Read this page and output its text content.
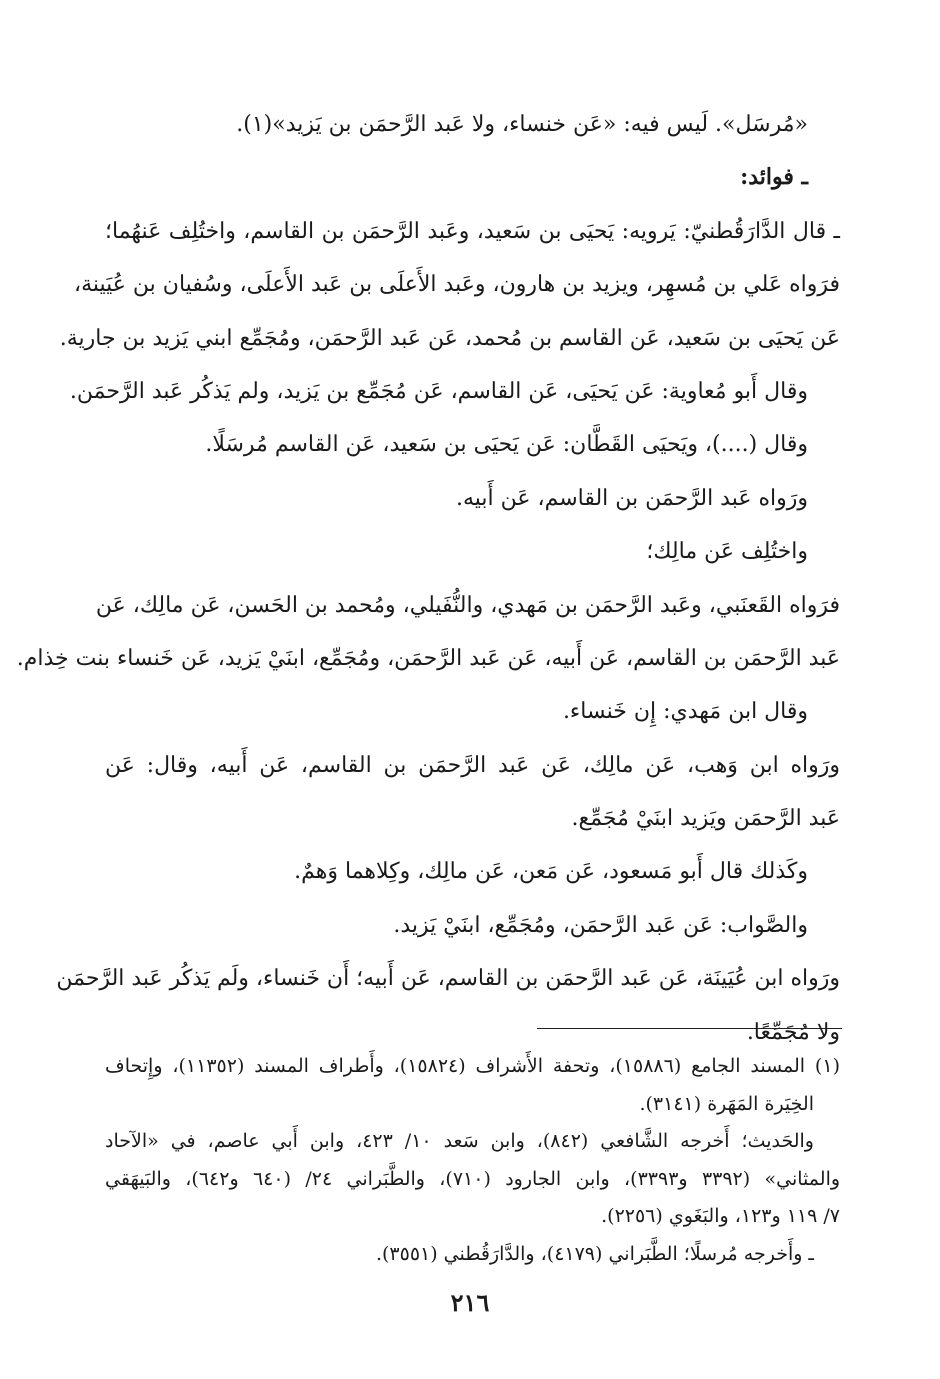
«مُرسَل». لَيس فيه: «عَن خنساء، ولا عَبد الرَّحمَن بن يَزيد»(١).
ـ فوائد:
ـ قال الدَّارَقُطنيّ: يَرويه: يَحيَى بن سَعيد، وعَبد الرَّحمَن بن القاسم، واختُلِف عَنهُما؛
فرَواه عَلي بن مُسهِر، ويزيد بن هارون، وعَبد الأَعلَى بن عَبد الأَعلَى، وسُفيان بن عُيَينة،
عَن يَحيَى بن سَعيد، عَن القاسم بن مُحمد، عَن عَبد الرَّحمَن، ومُجَمِّع ابني يَزيد بن جارية.
وقال أَبو مُعاوية: عَن يَحيَى، عَن القاسم، عَن مُجَمِّع بن يَزيد، ولم يَذكُر عَبد الرَّحمَن.
وقال (....)، ويَحيَى القَطَّان: عَن يَحيَى بن سَعيد، عَن القاسم مُرسَلًا.
ورَواه عَبد الرَّحمَن بن القاسم، عَن أَبيه.
واختُلِف عَن مالِك؛
فرَواه القَعنَبي، وعَبد الرَّحمَن بن مَهدي، والنُّفَيلي، ومُحمد بن الحَسن، عَن مالِك، عَن
عَبد الرَّحمَن بن القاسم، عَن أَبيه، عَن عَبد الرَّحمَن، ومُجَمِّع، ابنَيْ يَزيد، عَن خَنساء بنت خِذام.
وقال ابن مَهدي: إِن خَنساء.
ورَواه ابن وَهب، عَن مالِك، عَن عَبد الرَّحمَن بن القاسم، عَن أَبيه، وقال: عَن
عَبد الرَّحمَن ويَزيد ابنَيْ مُجَمِّع.
وكَذلك قال أَبو مَسعود، عَن مَعن، عَن مالِك، وكِلاهما وَهمٌ.
والصَّواب: عَن عَبد الرَّحمَن، ومُجَمِّع، ابنَيْ يَزيد.
ورَواه ابن عُيَينَة، عَن عَبد الرَّحمَن بن القاسم، عَن أَبيه؛ أَن خَنساء، ولَم يَذكُر عَبد الرَّحمَن
ولا مُجَمِّعًا.
(١) المسند الجامع (١٥٨٨٦)، وتحفة الأَشراف (١٥٨٢٤)، وأَطراف المسند (١١٣٥٢)، وإِتحاف
الخِيَرة المَهَرة (٣١٤١).
والحَديث؛ أَخرجه الشَّافعي (٨٤٢)، وابن سَعد ١٠/ ٤٢٣، وابن أَبي عاصم، في «الآحاد
والمثاني» (٣٣٩٢ و٣٣٩٣)، وابن الجارود (٧١٠)، والطَّبَراني ٢٤/ (٦٤٠ و٦٤٢)، والبَيهَقي
٧/ ١١٩ و١٢٣، والبَغَوي (٢٢٥٦).
ـ وأَخرجه مُرسلًا؛ الطَّبَراني (٤١٧٩)، والدَّارَقُطني (٣٥٥١).
٢١٦
